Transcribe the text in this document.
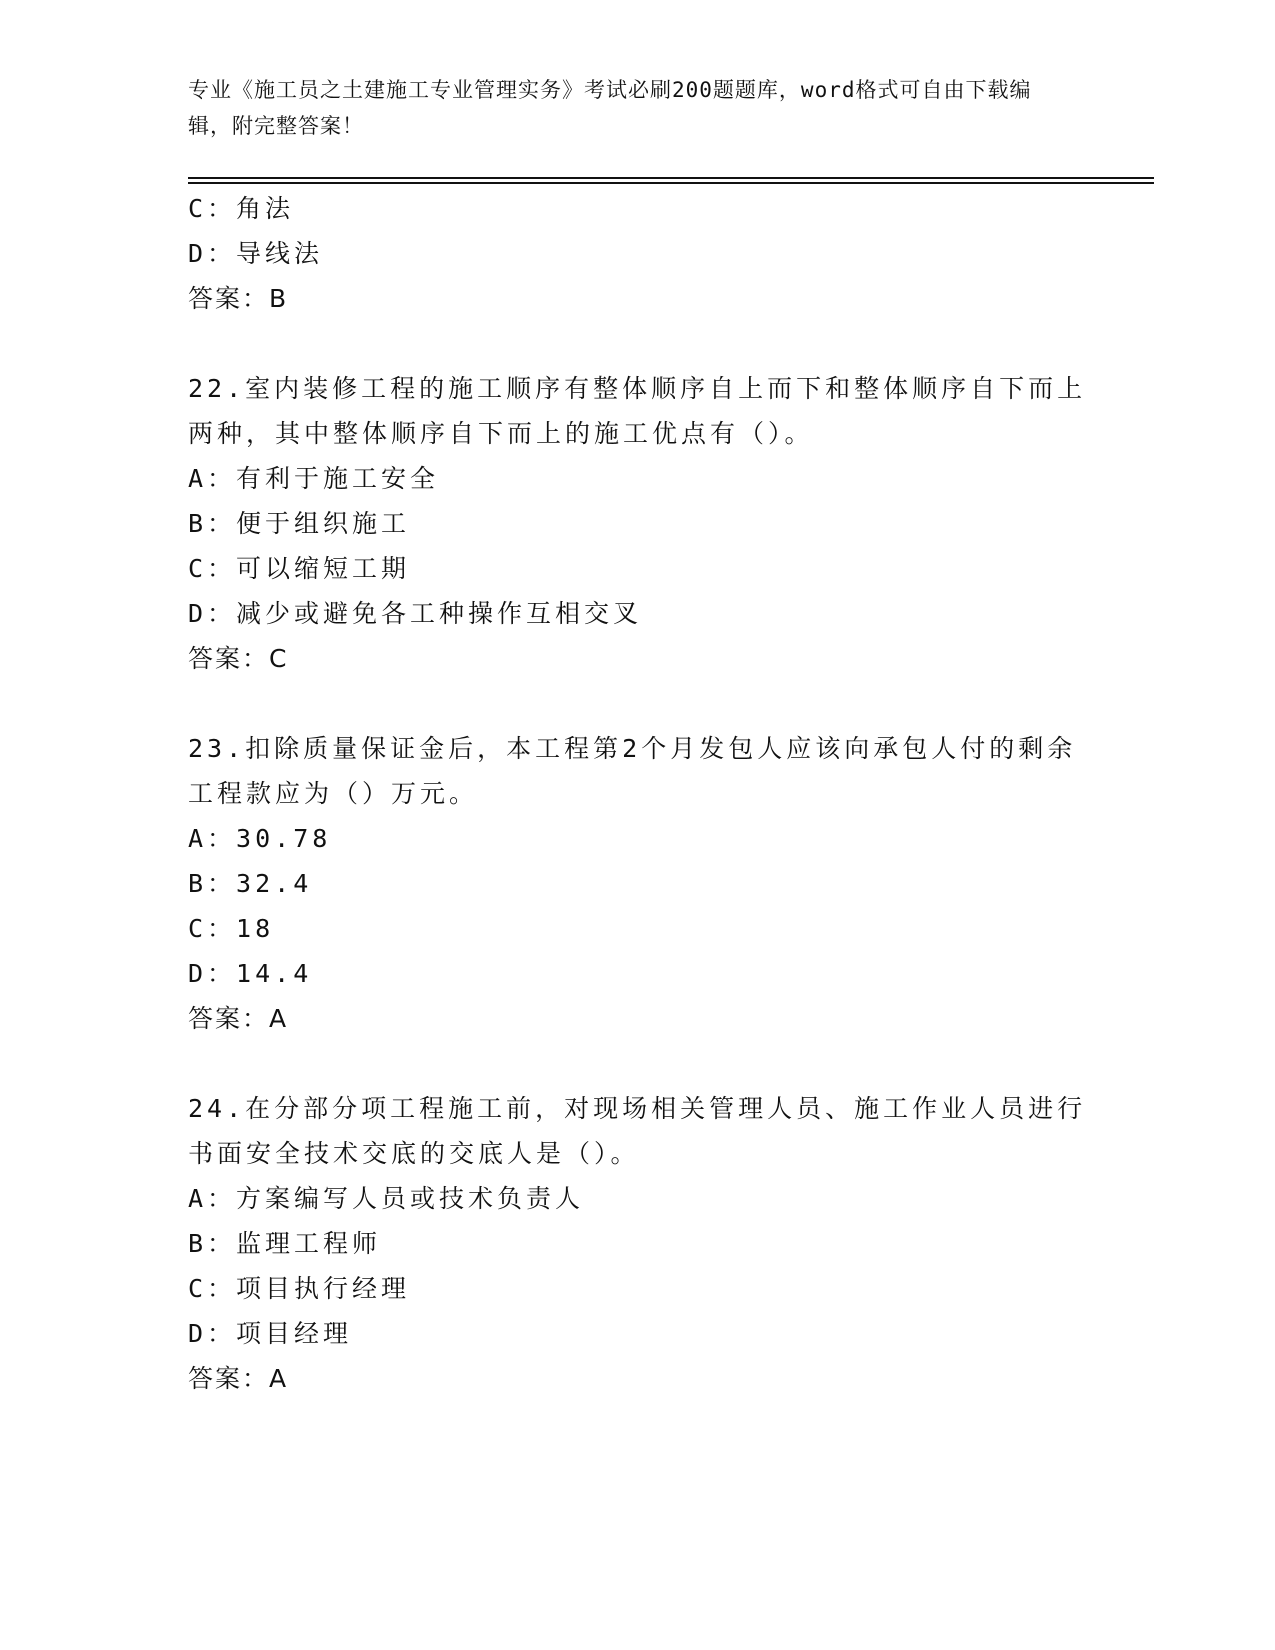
专业《施工员之土建施工专业管理实务》考试必刷200题题库，word格式可自由下载编辑，附完整答案！
C：角法
D：导线法
答案：B
22.室内装修工程的施工顺序有整体顺序自上而下和整体顺序自下而上
两种，其中整体顺序自下而上的施工优点有（）。
A：有利于施工安全
B：便于组织施工
C：可以缩短工期
D：减少或避免各工种操作互相交叉
答案：C
23.扣除质量保证金后，本工程第2个月发包人应该向承包人付的剩余
工程款应为（）万元。
A：30.78
B：32.4
C：18
D：14.4
答案：A
24.在分部分项工程施工前，对现场相关管理人员、施工作业人员进行
书面安全技术交底的交底人是（）。
A：方案编写人员或技术负责人
B：监理工程师
C：项目执行经理
D：项目经理
答案：A
